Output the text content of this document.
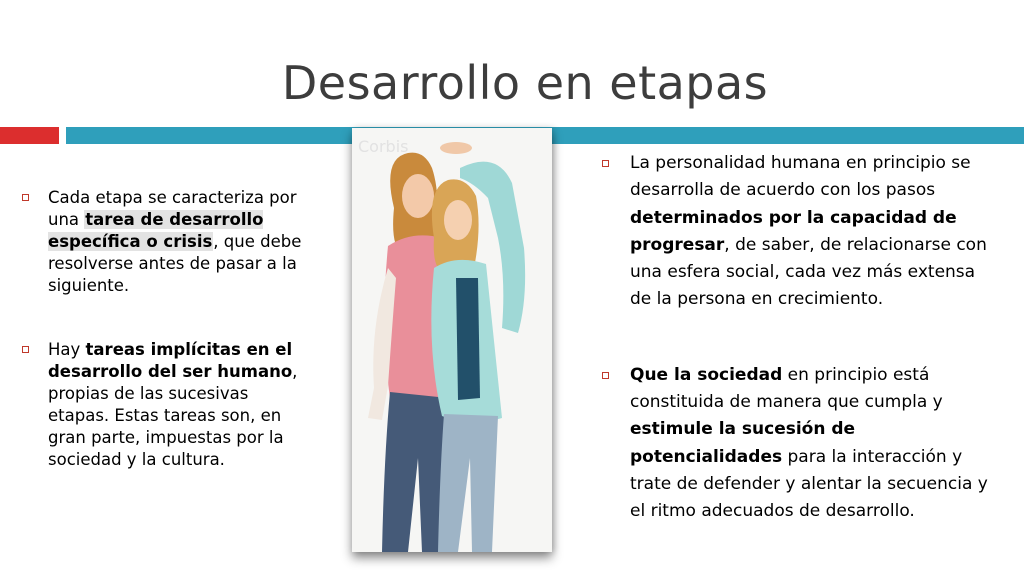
Desarrollo en etapas
Cada etapa se caracteriza por una tarea de desarrollo específica o crisis, que debe resolverse antes de pasar a la siguiente.
Hay tareas implícitas en el desarrollo del ser humano, propias de las sucesivas etapas. Estas tareas son, en gran parte, impuestas por la sociedad y la cultura.
Corbis
La personalidad humana en principio se desarrolla de acuerdo con los pasos determinados por la capacidad de progresar, de saber, de relacionarse con una esfera social, cada vez más extensa de la persona en crecimiento.
Que la sociedad en principio está constituida de manera que cumpla y estimule la sucesión de potencialidades para la interacción y trate de defender y alentar la secuencia y el ritmo adecuados de desarrollo.
